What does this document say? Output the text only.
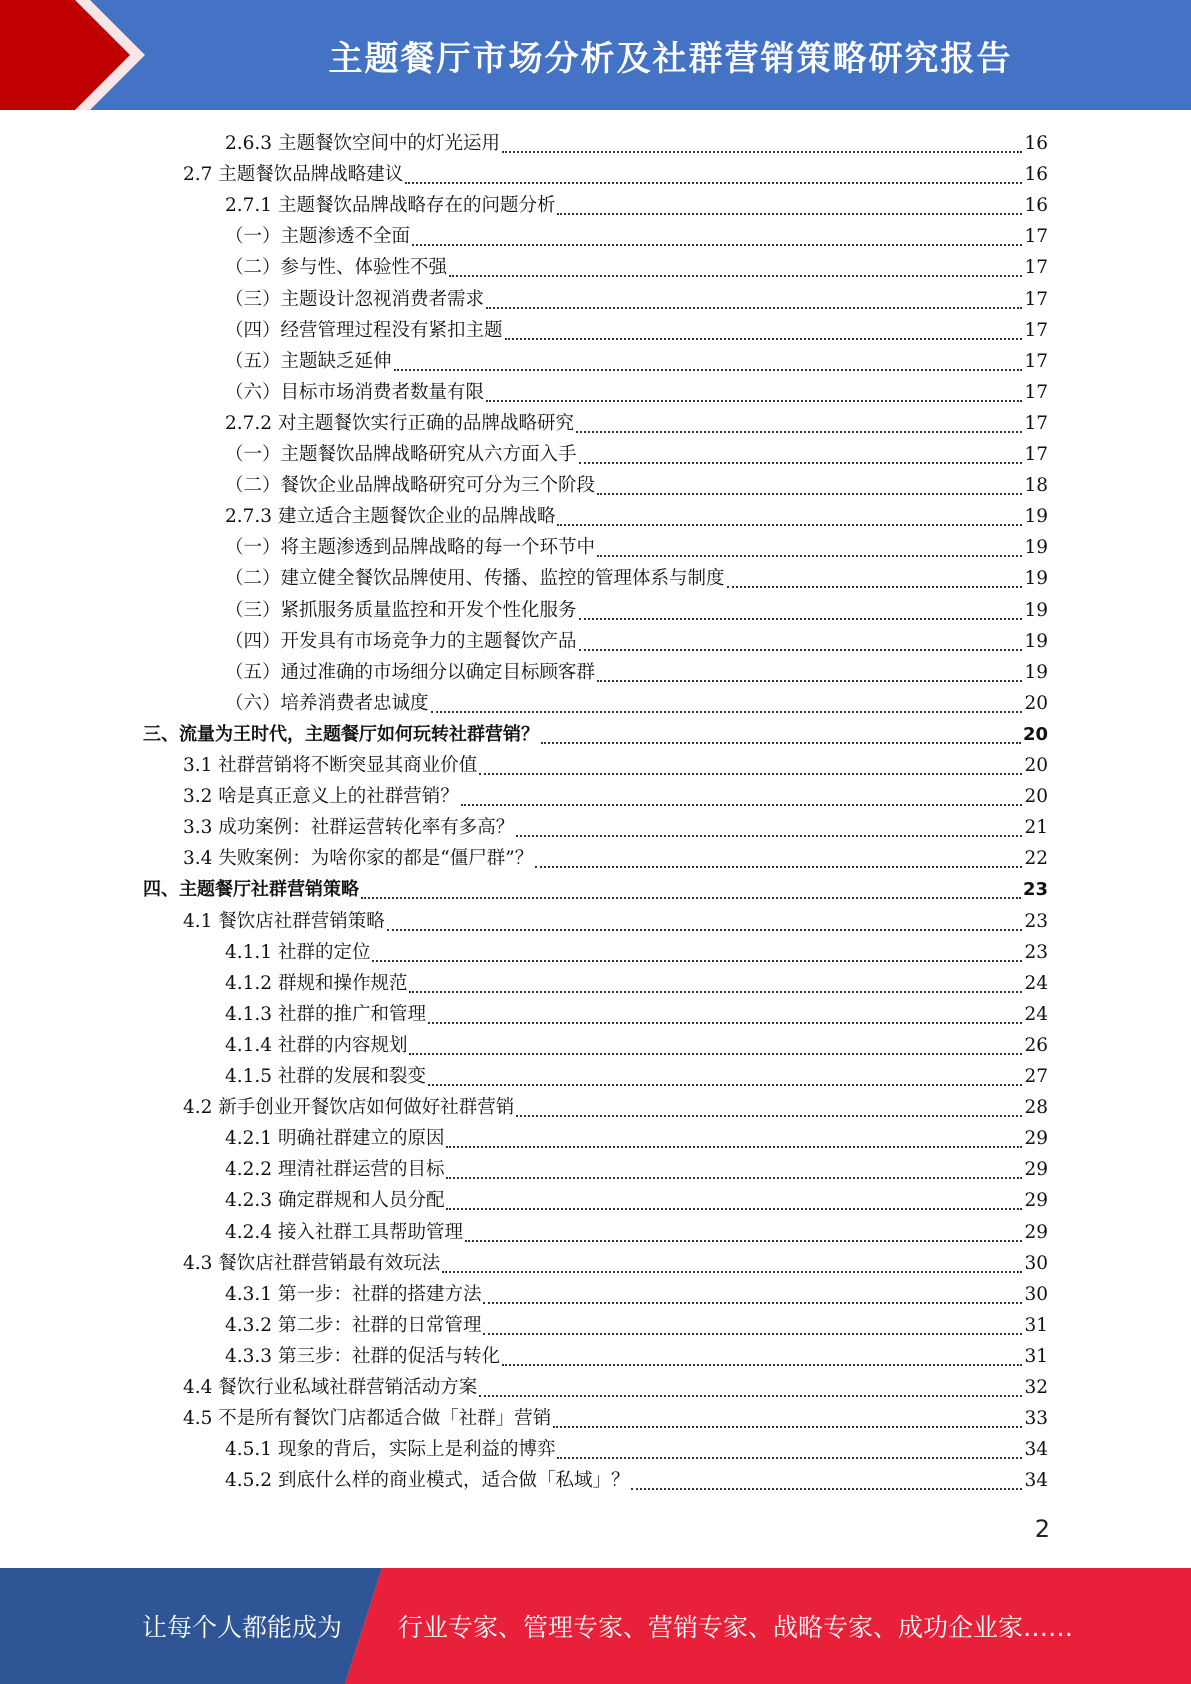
主题餐厅市场分析及社群营销策略研究报告
2.6.3 主题餐饮空间中的灯光运用	16
2.7 主题餐饮品牌战略建议	16
2.7.1 主题餐饮品牌战略存在的问题分析	16
（一）主题渗透不全面	17
（二）参与性、体验性不强	17
（三）主题设计忽视消费者需求	17
（四）经营管理过程没有紧扣主题	17
（五）主题缺乏延伸	17
（六）目标市场消费者数量有限	17
2.7.2 对主题餐饮实行正确的品牌战略研究	17
（一）主题餐饮品牌战略研究从六方面入手	17
（二）餐饮企业品牌战略研究可分为三个阶段	18
2.7.3 建立适合主题餐饮企业的品牌战略	19
（一）将主题渗透到品牌战略的每一个环节中	19
（二）建立健全餐饮品牌使用、传播、监控的管理体系与制度	19
（三）紧抓服务质量监控和开发个性化服务	19
（四）开发具有市场竞争力的主题餐饮产品	19
（五）通过准确的市场细分以确定目标顾客群	19
（六）培养消费者忠诚度	20
三、流量为王时代，主题餐厅如何玩转社群营销？	20
3.1 社群营销将不断突显其商业价值	20
3.2 啥是真正意义上的社群营销？	20
3.3 成功案例：社群运营转化率有多高？	21
3.4 失败案例：为啥你家的都是“僵尸群”？	22
四、主题餐厅社群营销策略	23
4.1 餐饮店社群营销策略	23
4.1.1 社群的定位	23
4.1.2 群规和操作规范	24
4.1.3 社群的推广和管理	24
4.1.4 社群的内容规划	26
4.1.5 社群的发展和裂变	27
4.2 新手创业开餐饮店如何做好社群营销	28
4.2.1 明确社群建立的原因	29
4.2.2 理清社群运营的目标	29
4.2.3 确定群规和人员分配	29
4.2.4 接入社群工具帮助管理	29
4.3 餐饮店社群营销最有效玩法	30
4.3.1 第一步：社群的搭建方法	30
4.3.2 第二步：社群的日常管理	31
4.3.3 第三步：社群的促活与转化	31
4.4 餐饮行业私域社群营销活动方案	32
4.5 不是所有餐饮门店都适合做「社群」营销	33
4.5.1 现象的背后，实际上是利益的博弈	34
4.5.2 到底什么样的商业模式，适合做「私域」？	34
2
让每个人都能成为 行业专家、管理专家、营销专家、战略专家、成功企业家……
